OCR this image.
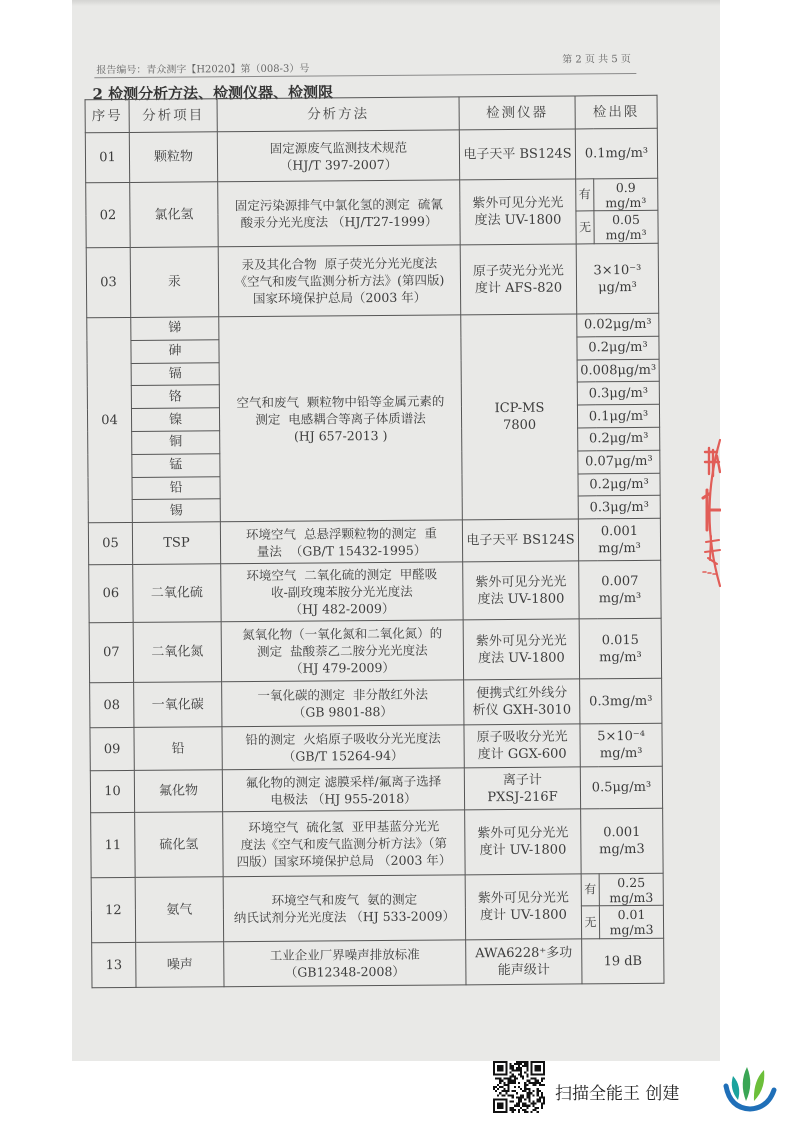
报告编号：青众测字【H2020】第（008-3）号
第 2 页 共 5 页
2 检测分析方法、检测仪器、检测限
序号	分析项目	分析方法	检测仪器	检出限	
01	颗粒物	固定源废气监测技术规范
（HJ/T 397-2007）	电子天平 BS124S	0.1mg/m³	
02	氯化氢	固定污染源排气中氯化氢的测定  硫氰
酸汞分光光度法 （HJ/T27-1999）	紫外可见分光光
度法 UV-1800	有	0.9
mg/m³
				无	0.05
mg/m³
03	汞	汞及其化合物  原子荧光分光光度法
《空气和废气监测分析方法》(第四版)
国家环境保护总局（2003 年）	原子荧光分光光
度计 AFS-820	3×10⁻³
μg/m³	
04	锑	空气和废气  颗粒物中铅等金属元素的
测定  电感耦合等离子体质谱法
(HJ 657-2013 )	ICP-MS
7800	0.02μg/m³	
	砷			0.2μg/m³	
	镉			0.008μg/m³	
	铬			0.3μg/m³	
	镍			0.1μg/m³	
	铜			0.2μg/m³	
	锰			0.07μg/m³	
	铅			0.2μg/m³	
	锡			0.3μg/m³	
05	TSP	环境空气  总悬浮颗粒物的测定  重
量法  （GB/T 15432-1995）	电子天平 BS124S	0.001
mg/m³	
06	二氧化硫	环境空气  二氧化硫的测定  甲醛吸
收-副玫瑰苯胺分光光度法
（HJ 482-2009）	紫外可见分光光
度法 UV-1800	0.007
mg/m³	
07	二氧化氮	氮氧化物（一氧化氮和二氧化氮）的
测定  盐酸萘乙二胺分光光度法
（HJ 479-2009）	紫外可见分光光
度法 UV-1800	0.015
mg/m³	
08	一氧化碳	一氧化碳的测定  非分散红外法
（GB 9801-88）	便携式红外线分
析仪 GXH-3010	0.3mg/m³	
09	铅	铅的测定  火焰原子吸收分光光度法
（GB/T 15264-94）	原子吸收分光光
度计 GGX-600	5×10⁻⁴
mg/m³	
10	氟化物	氟化物的测定 滤膜采样/氟离子选择
电极法 （HJ 955-2018）	离子计
PXSJ-216F	0.5μg/m³	
11	硫化氢	环境空气  硫化氢  亚甲基蓝分光光
度法《空气和废气监测分析方法》（第
四版）国家环境保护总局 （2003 年）	紫外可见分光光
度计 UV-1800	0.001
mg/m3	
12	氨气	环境空气和废气  氨的测定
纳氏试剂分光光度法 （HJ 533-2009）	紫外可见分光光
度计 UV-1800	有	0.25
mg/m3
				无	0.01
mg/m3
13	噪声	工业企业厂界噪声排放标准
（GB12348-2008）	AWA6228⁺多功
能声级计	19 dB	
扫描全能王 创建
